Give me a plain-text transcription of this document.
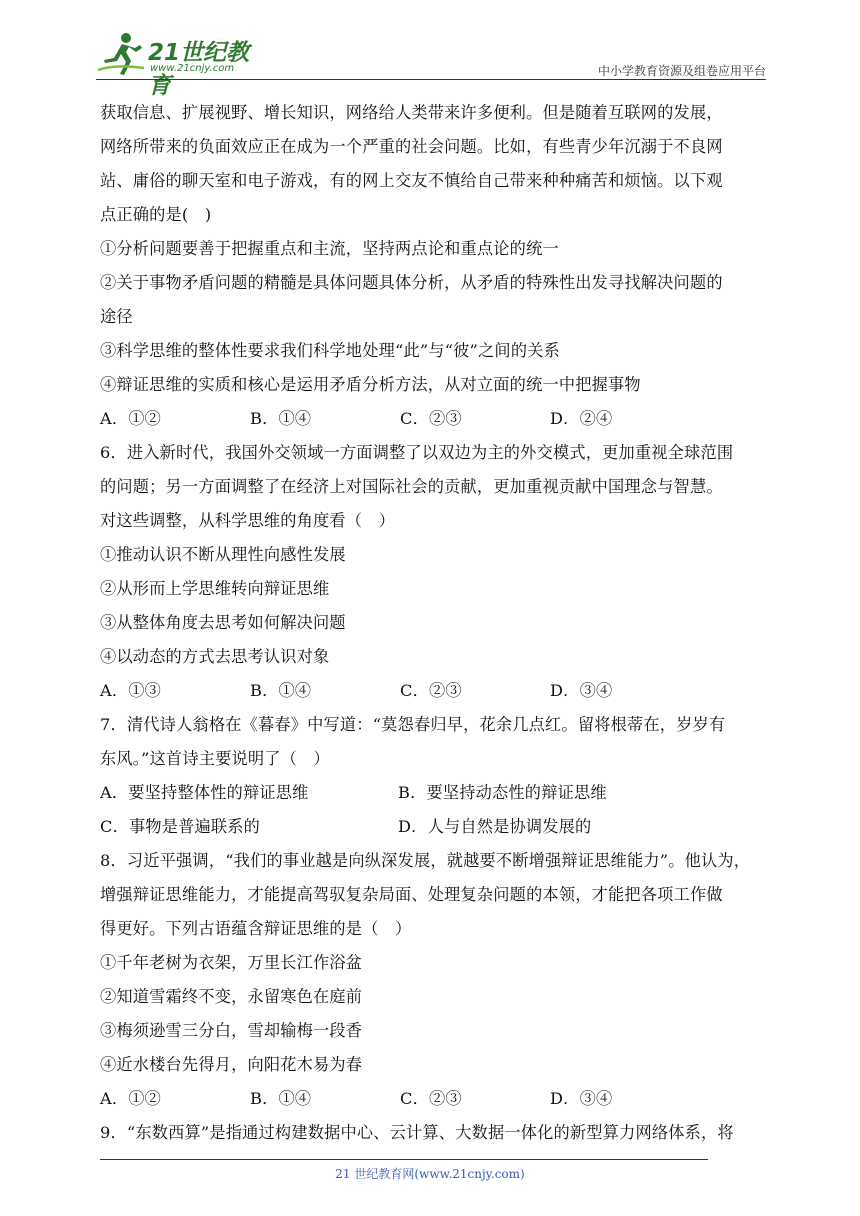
21世纪教育
www.21cnjy.com	中小学教育资源及组卷应用平台
获取信息、扩展视野、增长知识，网络给人类带来许多便利。但是随着互联网的发展，
网络所带来的负面效应正在成为一个严重的社会问题。比如，有些青少年沉溺于不良网
站、庸俗的聊天室和电子游戏，有的网上交友不慎给自己带来种种痛苦和烦恼。以下观
点正确的是(　)
①分析问题要善于把握重点和主流，坚持两点论和重点论的统一
②关于事物矛盾问题的精髓是具体问题具体分析，从矛盾的特殊性出发寻找解决问题的
途径
③科学思维的整体性要求我们科学地处理“此”与“彼”之间的关系
④辩证思维的实质和核心是运用矛盾分析方法，从对立面的统一中把握事物
A．①②	B．①④	C．②③	D．②④
6．进入新时代，我国外交领域一方面调整了以双边为主的外交模式，更加重视全球范围
的问题；另一方面调整了在经济上对国际社会的贡献，更加重视贡献中国理念与智慧。
对这些调整，从科学思维的角度看（　）
①推动认识不断从理性向感性发展
②从形而上学思维转向辩证思维
③从整体角度去思考如何解决问题
④以动态的方式去思考认识对象
A．①③	B．①④	C．②③	D．③④
7．清代诗人翁格在《暮春》中写道：“莫怨春归早，花余几点红。留将根蒂在，岁岁有
东风。”这首诗主要说明了（　）
A．要坚持整体性的辩证思维	B．要坚持动态性的辩证思维
C．事物是普遍联系的	D．人与自然是协调发展的
8．习近平强调，“我们的事业越是向纵深发展，就越要不断增强辩证思维能力”。他认为，
增强辩证思维能力，才能提高驾驭复杂局面、处理复杂问题的本领，才能把各项工作做
得更好。下列古语蕴含辩证思维的是（　）
①千年老树为衣架，万里长江作浴盆
②知道雪霜终不变，永留寒色在庭前
③梅须逊雪三分白，雪却输梅一段香
④近水楼台先得月，向阳花木易为春
A．①②	B．①④	C．②③	D．③④
9．“东数西算”是指通过构建数据中心、云计算、大数据一体化的新型算力网络体系，将
21 世纪教育网(www.21cnjy.com)
